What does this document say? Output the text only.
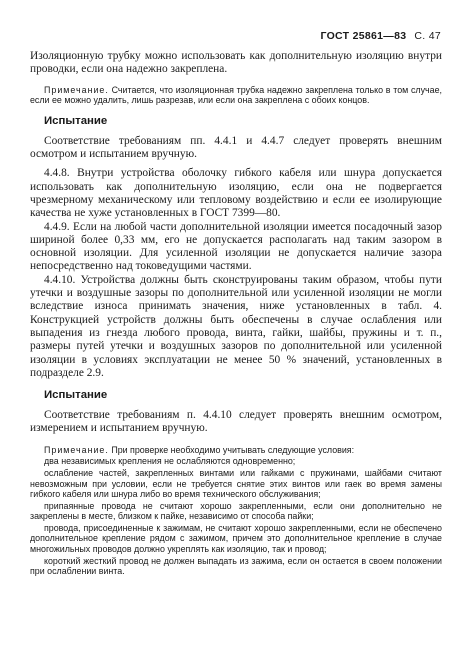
ГОСТ 25861—83 С. 47

Изоляционную трубку можно использовать как дополнительную изоляцию внутри проводки, если она надежно закреплена.

Примечание. Считается, что изоляционная трубка надежно закреплена только в том случае, если ее можно удалить, лишь разрезав, или если она закреплена с обоих концов.

Испытание

Соответствие требованиям пп. 4.4.1 и 4.4.7 следует проверять внешним осмотром и испытанием вручную.

4.4.8. Внутри устройства оболочку гибкого кабеля или шнура допускается использовать как дополнительную изоляцию, если она не подвергается чрезмерному механическому или тепловому воздействию и если ее изолирующие качества не хуже установленных в ГОСТ 7399—80.

4.4.9. Если на любой части дополнительной изоляции имеется посадочный зазор шириной более 0,33 мм, его не допускается располагать над таким зазором в основной изоляции. Для усиленной изоляции не допускается наличие зазора непосредственно над токоведущими частями.

4.4.10. Устройства должны быть сконструированы таким образом, чтобы пути утечки и воздушные зазоры по дополнительной или усиленной изоляции не могли вследствие износа принимать значения, ниже установленных в табл. 4. Конструкцией устройств должны быть обеспечены в случае ослабления или выпадения из гнезда любого провода, винта, гайки, шайбы, пружины и т. п., размеры путей утечки и воздушных зазоров по дополнительной или усиленной изоляции в условиях эксплуатации не менее 50 % значений, установленных в подразделе 2.9.

Испытание

Соответствие требованиям п. 4.4.10 следует проверять внешним осмотром, измерением и испытанием вручную.

Примечание. При проверке необходимо учитывать следующие условия:

два независимых крепления не ослабляются одновременно;

ослабление частей, закрепленных винтами или гайками с пружинами, шайбами считают невозможным при условии, если не требуется снятие этих винтов или гаек во время замены гибкого кабеля или шнура либо во время технического обслуживания;

припаянные провода не считают хорошо закрепленными, если они дополнительно не закреплены в месте, близком к пайке, независимо от способа пайки;

провода, присоединенные к зажимам, не считают хорошо закрепленными, если не обеспечено дополнительное крепление рядом с зажимом, причем это дополнительное крепление в случае многожильных проводов должно укреплять как изоляцию, так и провод;

короткий жесткий провод не должен выпадать из зажима, если он остается в своем положении при ослаблении винта.
